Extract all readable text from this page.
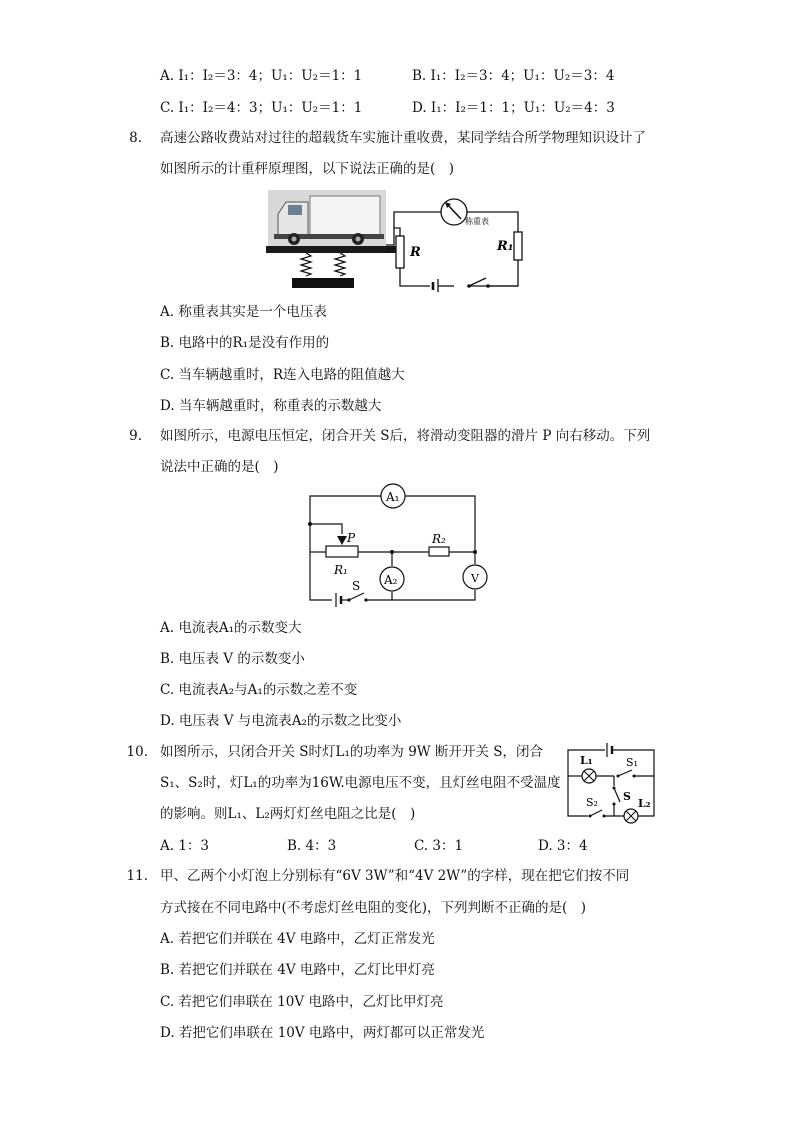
A. I₁：I₂＝3：4；U₁：U₂＝1：1	B. I₁：I₂＝3：4；U₁：U₂＝3：4
C. I₁：I₂＝4：3；U₁：U₂＝1：1	D. I₁：I₂＝1：1；U₁：U₂＝4：3
8. 高速公路收费站对过往的超载货车实施计重收费，某同学结合所学物理知识设计了
如图所示的计重秤原理图，以下说法正确的是(　)
称重表
R	R₁
A. 称重表其实是一个电压表
B. 电路中的R₁是没有作用的
C. 当车辆越重时，R连入电路的阻值越大
D. 当车辆越重时，称重表的示数越大
9. 如图所示，电源电压恒定，闭合开关 S后，将滑动变阻器的滑片 P 向右移动。下列
说法中正确的是(　)
A₁
A₂	V
P
R₁
R₂
S
A. 电流表A₁的示数变大
B. 电压表 V 的示数变小
C. 电流表A₂与A₁的示数之差不变
D. 电压表 V 与电流表A₂的示数之比变小
10. 如图所示，只闭合开关 S时灯L₁的功率为 9W 断开开关 S，闭合
S₁、S₂时，灯L₁的功率为16W.电源电压不变，且灯丝电阻不受温度
的影响。则L₁、L₂两灯灯丝电阻之比是(　)
L₁	S₁
S
S₂	L₂
A. 1：3	B. 4：3	C. 3：1	D. 3：4
11. 甲、乙两个小灯泡上分别标有“6V 3W”和“4V 2W”的字样，现在把它们按不同
方式接在不同电路中(不考虑灯丝电阻的变化)，下列判断不正确的是(　)
A. 若把它们并联在 4V 电路中，乙灯正常发光
B. 若把它们并联在 4V 电路中，乙灯比甲灯亮
C. 若把它们串联在 10V 电路中，乙灯比甲灯亮
D. 若把它们串联在 10V 电路中，两灯都可以正常发光
